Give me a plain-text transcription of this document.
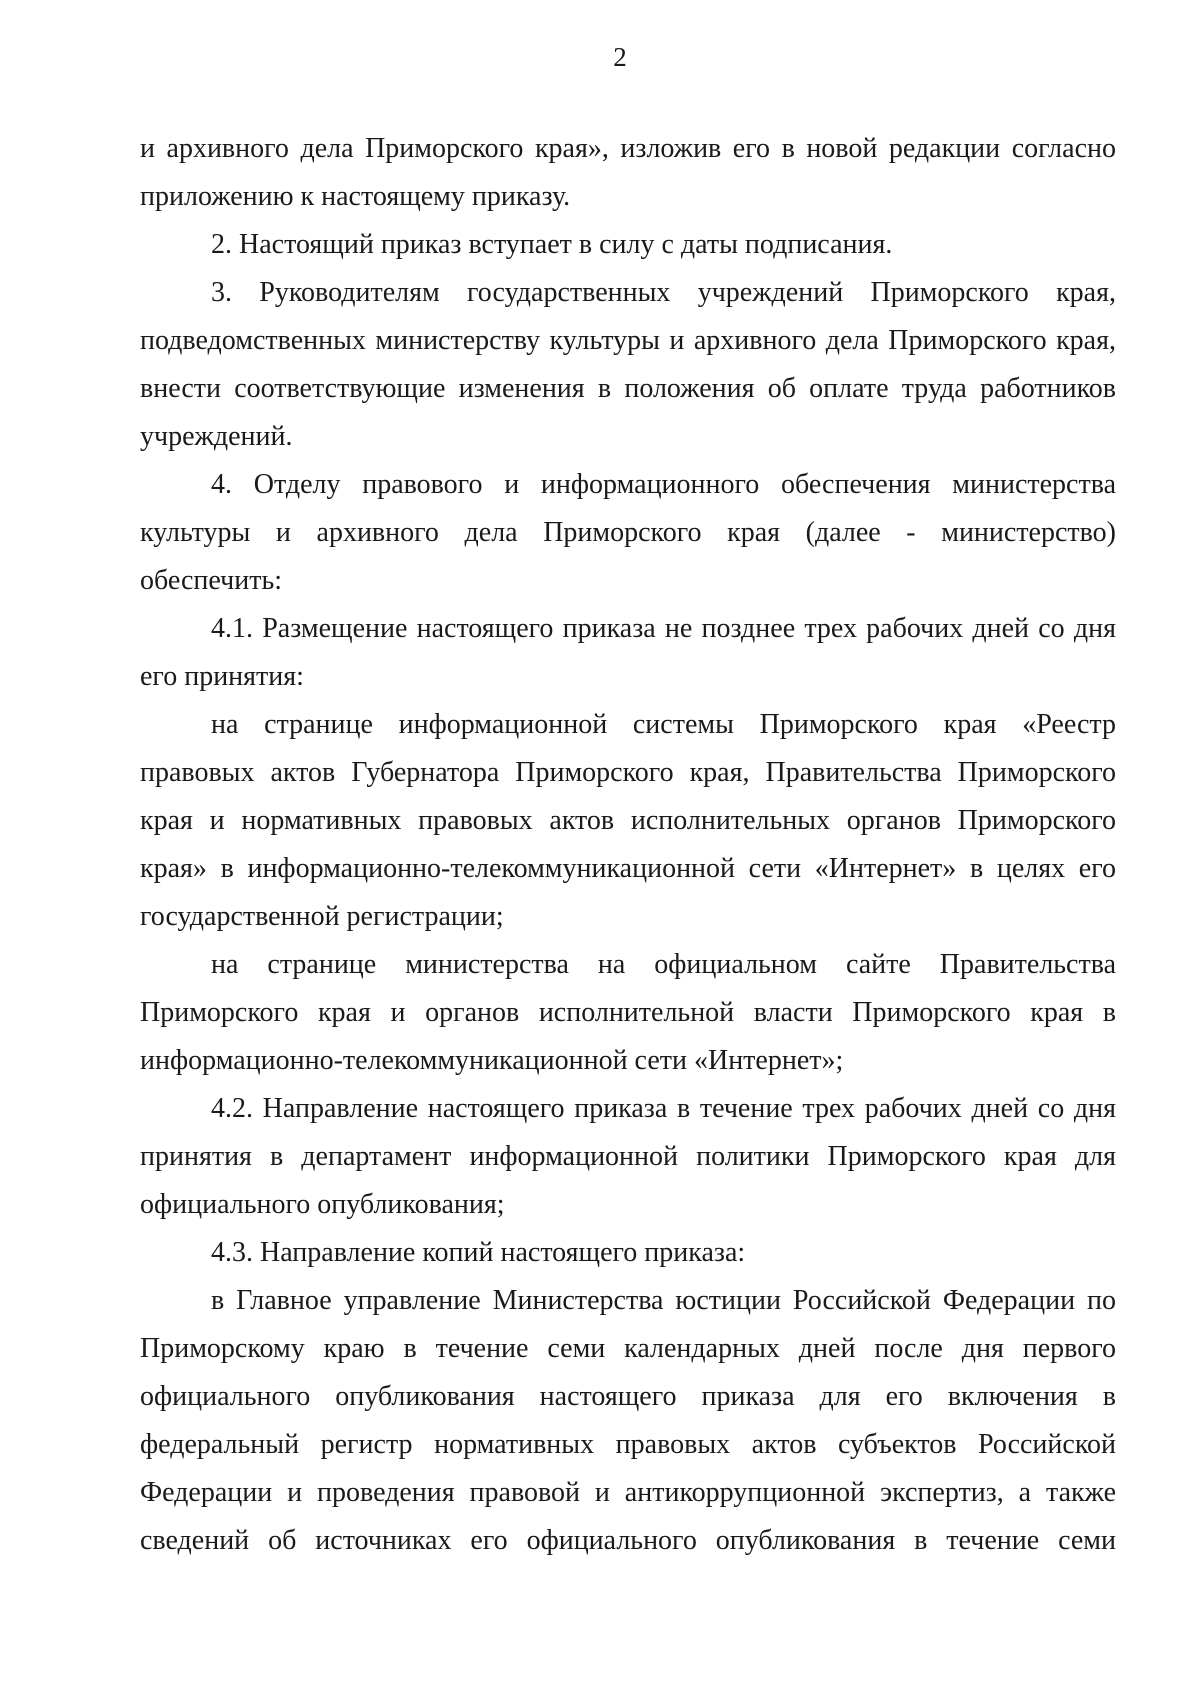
2

и архивного дела Приморского края», изложив его в новой редакции согласно приложению к настоящему приказу.

2. Настоящий приказ вступает в силу с даты подписания.

3. Руководителям государственных учреждений Приморского края, подведомственных министерству культуры и архивного дела Приморского края, внести соответствующие изменения в положения об оплате труда работников учреждений.

4. Отделу правового и информационного обеспечения министерства культуры и архивного дела Приморского края (далее - министерство) обеспечить:

4.1. Размещение настоящего приказа не позднее трех рабочих дней со дня его принятия:

на странице информационной системы Приморского края «Реестр правовых актов Губернатора Приморского края, Правительства Приморского края и нормативных правовых актов исполнительных органов Приморского края» в информационно-телекоммуникационной сети «Интернет» в целях его государственной регистрации;

на странице министерства на официальном сайте Правительства Приморского края и органов исполнительной власти Приморского края в информационно-телекоммуникационной сети «Интернет»;

4.2. Направление настоящего приказа в течение трех рабочих дней со дня принятия в департамент информационной политики Приморского края для официального опубликования;

4.3. Направление копий настоящего приказа:

в Главное управление Министерства юстиции Российской Федерации по Приморскому краю в течение семи календарных дней после дня первого официального опубликования настоящего приказа для его включения в федеральный регистр нормативных правовых актов субъектов Российской Федерации и проведения правовой и антикоррупционной экспертиз, а также сведений об источниках его официального опубликования в течение семи
